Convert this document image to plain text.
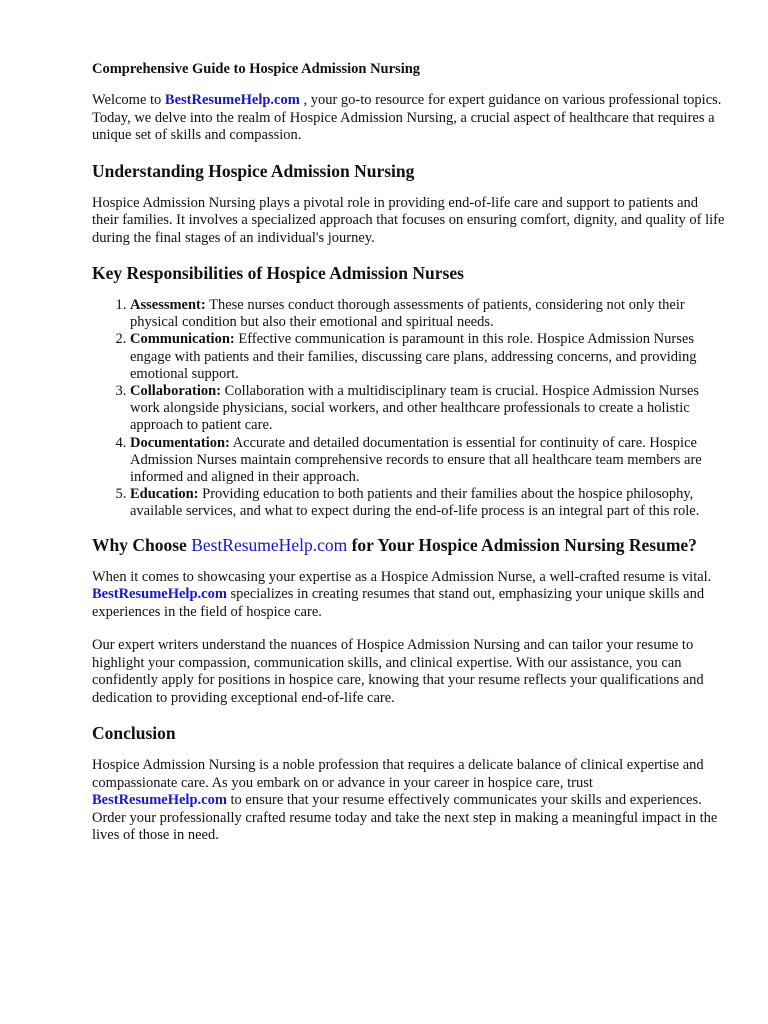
Comprehensive Guide to Hospice Admission Nursing

Welcome to BestResumeHelp.com , your go-to resource for expert guidance on various professional topics. Today, we delve into the realm of Hospice Admission Nursing, a crucial aspect of healthcare that requires a unique set of skills and compassion.

Understanding Hospice Admission Nursing

Hospice Admission Nursing plays a pivotal role in providing end-of-life care and support to patients and their families. It involves a specialized approach that focuses on ensuring comfort, dignity, and quality of life during the final stages of an individual's journey.

Key Responsibilities of Hospice Admission Nurses
1. Assessment: These nurses conduct thorough assessments of patients, considering not only their physical condition but also their emotional and spiritual needs.
2. Communication: Effective communication is paramount in this role. Hospice Admission Nurses engage with patients and their families, discussing care plans, addressing concerns, and providing emotional support.
3. Collaboration: Collaboration with a multidisciplinary team is crucial. Hospice Admission Nurses work alongside physicians, social workers, and other healthcare professionals to create a holistic approach to patient care.
4. Documentation: Accurate and detailed documentation is essential for continuity of care. Hospice Admission Nurses maintain comprehensive records to ensure that all healthcare team members are informed and aligned in their approach.
5. Education: Providing education to both patients and their families about the hospice philosophy, available services, and what to expect during the end-of-life process is an integral part of this role.
Why Choose BestResumeHelp.com for Your Hospice Admission Nursing Resume?

When it comes to showcasing your expertise as a Hospice Admission Nurse, a well-crafted resume is vital. BestResumeHelp.com specializes in creating resumes that stand out, emphasizing your unique skills and experiences in the field of hospice care.

Our expert writers understand the nuances of Hospice Admission Nursing and can tailor your resume to highlight your compassion, communication skills, and clinical expertise. With our assistance, you can confidently apply for positions in hospice care, knowing that your resume reflects your qualifications and dedication to providing exceptional end-of-life care.

Conclusion

Hospice Admission Nursing is a noble profession that requires a delicate balance of clinical expertise and compassionate care. As you embark on or advance in your career in hospice care, trust BestResumeHelp.com to ensure that your resume effectively communicates your skills and experiences. Order your professionally crafted resume today and take the next step in making a meaningful impact in the lives of those in need.
